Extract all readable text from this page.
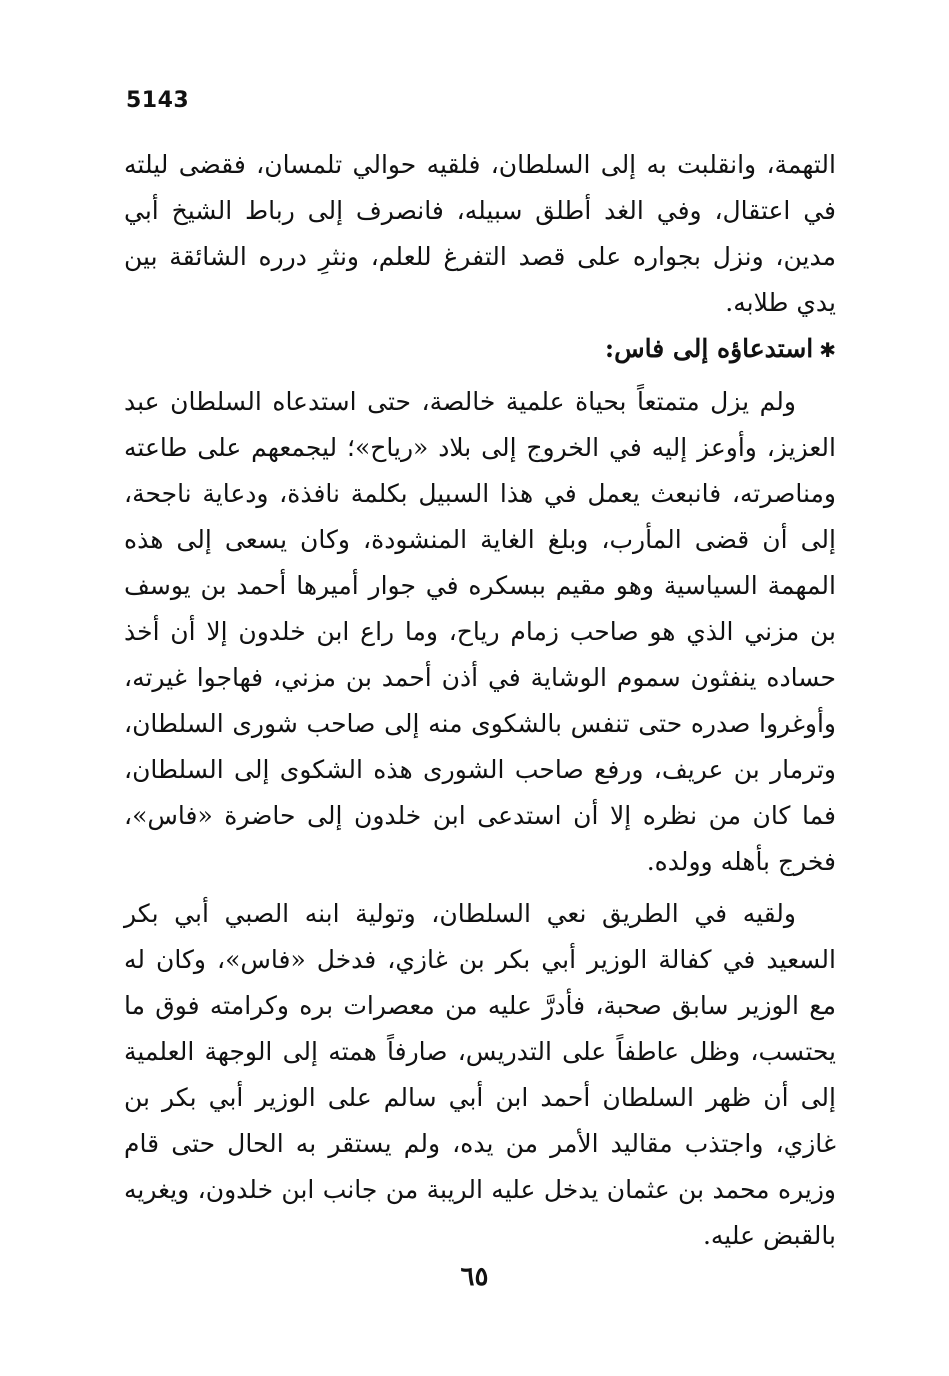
5143

التهمة، وانقلبت به إلى السلطان، فلقيه حوالي تلمسان، فقضى ليلته في اعتقال، وفي الغد أطلق سبيله، فانصرف إلى رباط الشيخ أبي مدين، ونزل بجواره على قصد التفرغ للعلم، ونثرِ درره الشائقة بين يدي طلابه.

✱استدعاؤه إلى فاس:

ولم يزل متمتعاً بحياة علمية خالصة، حتى استدعاه السلطان عبد العزيز، وأوعز إليه في الخروج إلى بلاد «رياح»؛ ليجمعهم على طاعته ومناصرته، فانبعث يعمل في هذا السبيل بكلمة نافذة، ودعاية ناجحة، إلى أن قضى المأرب، وبلغ الغاية المنشودة، وكان يسعى إلى هذه المهمة السياسية وهو مقيم ببسكره في جوار أميرها أحمد بن يوسف بن مزني الذي هو صاحب زمام رياح، وما راع ابن خلدون إلا أن أخذ حساده ينفثون سموم الوشاية في أذن أحمد بن مزني، فهاجوا غيرته، وأوغروا صدره حتى تنفس بالشكوى منه إلى صاحب شورى السلطان، وترمار بن عريف، ورفع صاحب الشورى هذه الشكوى إلى السلطان، فما كان من نظره إلا أن استدعى ابن خلدون إلى حاضرة «فاس»، فخرج بأهله وولده.

ولقيه في الطريق نعي السلطان، وتولية ابنه الصبي أبي بكر السعيد في كفالة الوزير أبي بكر بن غازي، فدخل «فاس»، وكان له مع الوزير سابق صحبة، فأدرَّ عليه من معصرات بره وكرامته فوق ما يحتسب، وظل عاطفاً على التدريس، صارفاً همته إلى الوجهة العلمية إلى أن ظهر السلطان أحمد ابن أبي سالم على الوزير أبي بكر بن غازي، واجتذب مقاليد الأمر من يده، ولم يستقر به الحال حتى قام وزيره محمد بن عثمان يدخل عليه الريبة من جانب ابن خلدون، ويغريه بالقبض عليه.

٦٥
